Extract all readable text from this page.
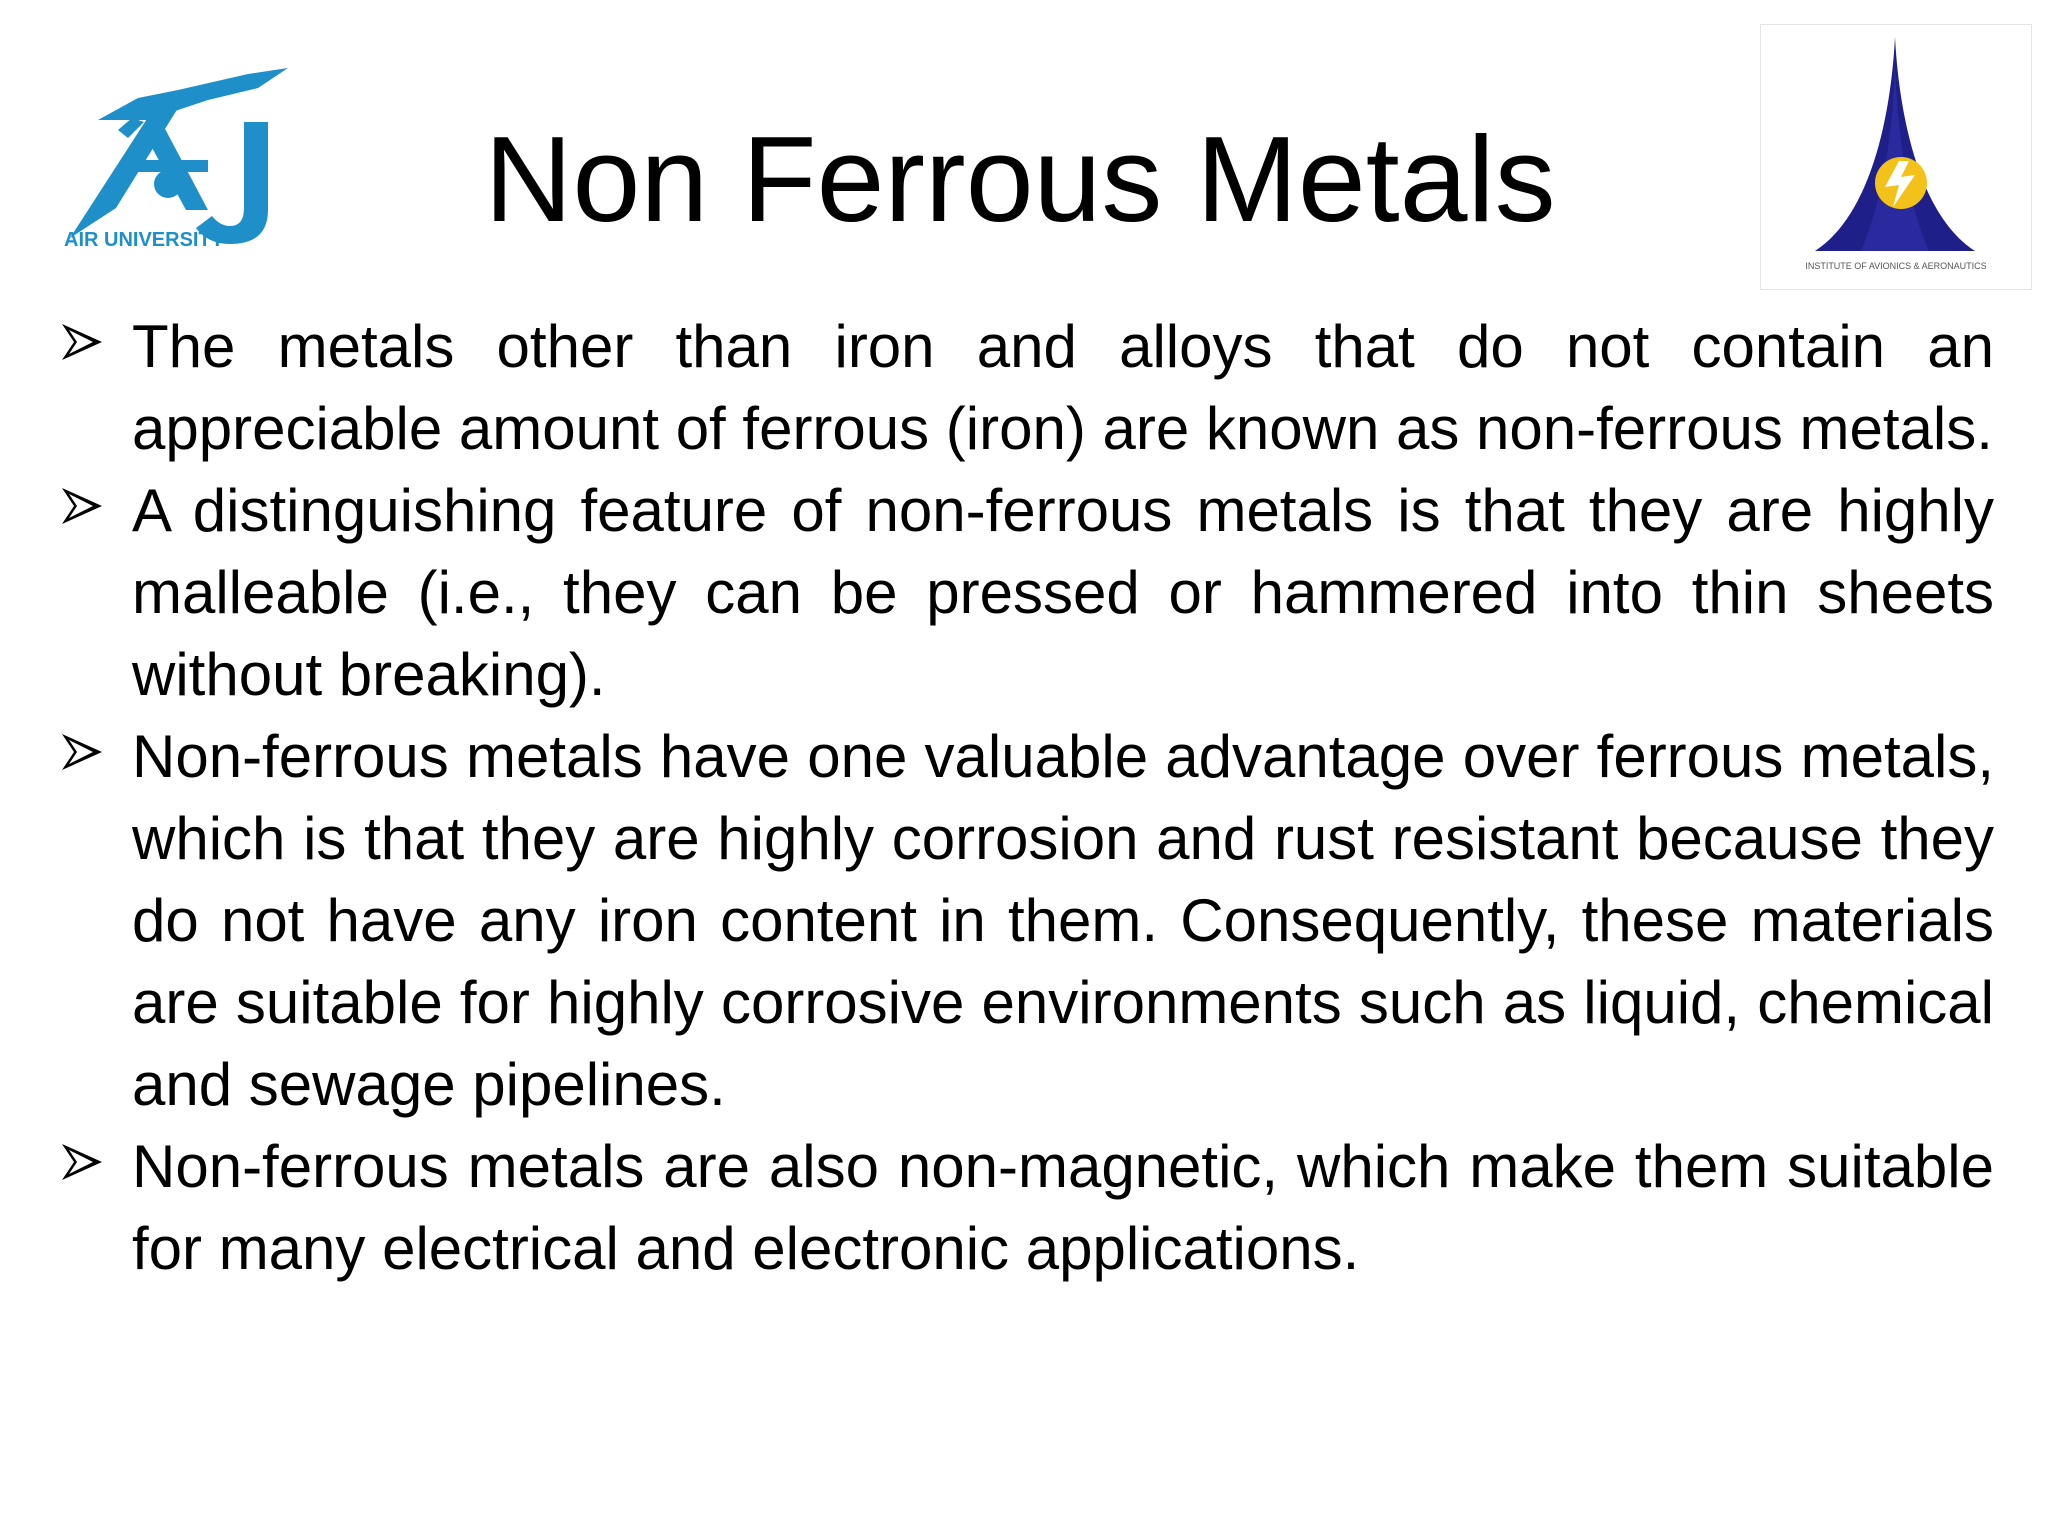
AIR UNIVERSITY
INSTITUTE OF AVIONICS & AERONAUTICS
Non Ferrous Metals
The metals other than iron and alloys that do not contain an appreciable amount of ferrous (iron) are known as non-ferrous metals.
A distinguishing feature of non-ferrous metals is that they are highly malleable (i.e., they can be pressed or hammered into thin sheets without breaking).
Non-ferrous metals have one valuable advantage over ferrous metals, which is that they are highly corrosion and rust resistant because they do not have any iron content in them. Consequently, these materials are suitable for highly corrosive environments such as liquid, chemical and sewage pipelines.
Non-ferrous metals are also non-magnetic, which make them suitable for many electrical and electronic applications.
